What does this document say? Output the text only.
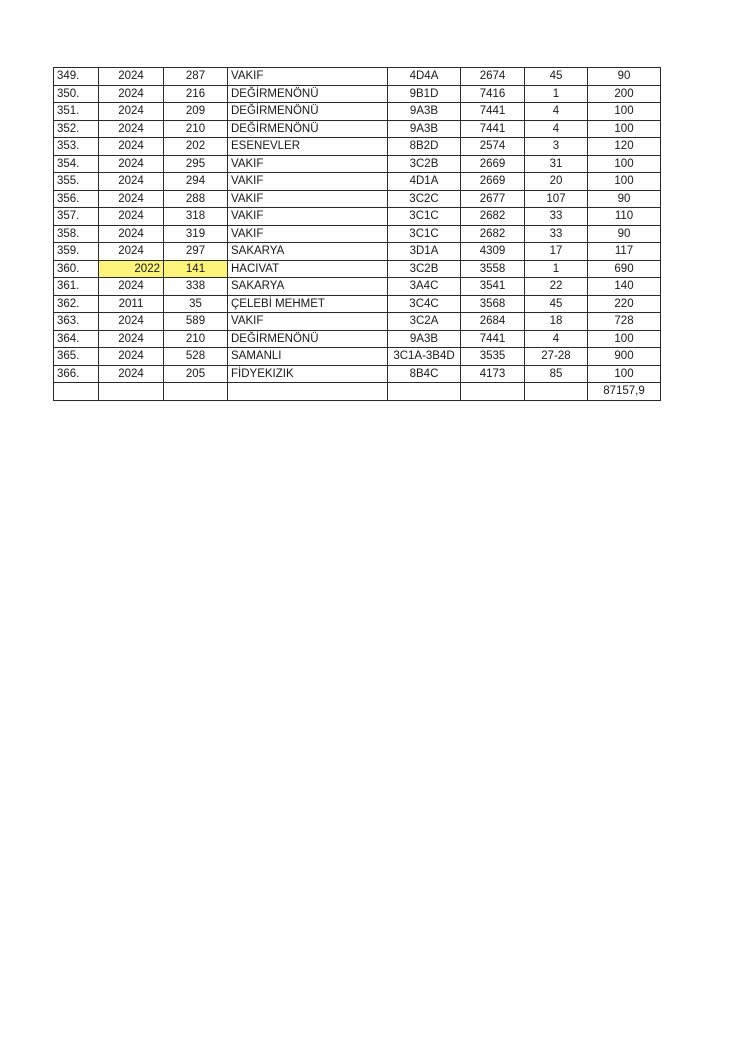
349.	2024	287	VAKIF	4D4A	2674	45	90
350.	2024	216	DEĞİRMENÖNÜ	9B1D	7416	1	200
351.	2024	209	DEĞİRMENÖNÜ	9A3B	7441	4	100
352.	2024	210	DEĞİRMENÖNÜ	9A3B	7441	4	100
353.	2024	202	ESENEVLER	8B2D	2574	3	120
354.	2024	295	VAKIF	3C2B	2669	31	100
355.	2024	294	VAKIF	4D1A	2669	20	100
356.	2024	288	VAKIF	3C2C	2677	107	90
357.	2024	318	VAKIF	3C1C	2682	33	110
358.	2024	319	VAKIF	3C1C	2682	33	90
359.	2024	297	SAKARYA	3D1A	4309	17	117
360.	2022	141	HACIVAT	3C2B	3558	1	690
361.	2024	338	SAKARYA	3A4C	3541	22	140
362.	2011	35	ÇELEBİ MEHMET	3C4C	3568	45	220
363.	2024	589	VAKIF	3C2A	2684	18	728
364.	2024	210	DEĞİRMENÖNÜ	9A3B	7441	4	100
365.	2024	528	SAMANLI	3C1A-3B4D	3535	27-28	900
366.	2024	205	FİDYEKIZIK	8B4C	4173	85	100
							87157,9
